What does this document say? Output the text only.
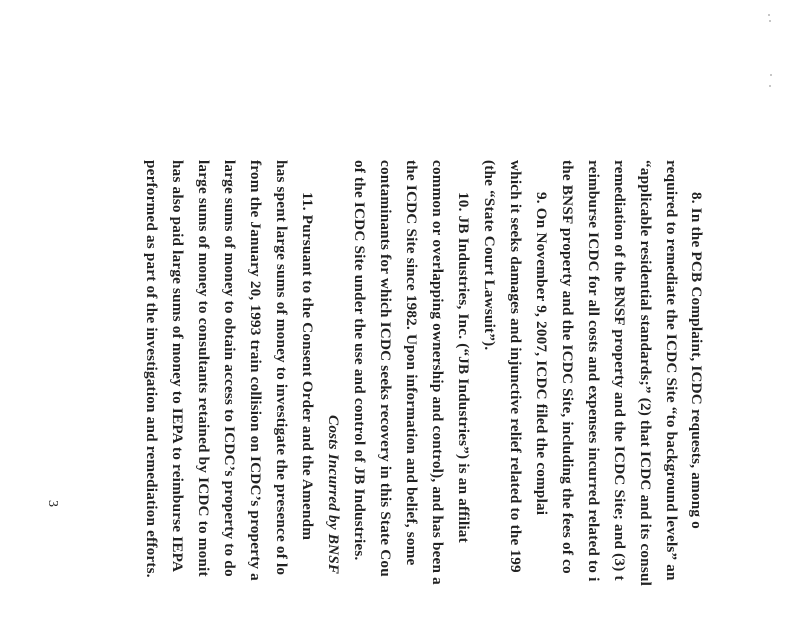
3	8. In the PCB Complaint, ICDC requests, among o
required to remediate the ICDC Site “to background levels” an
“applicable residential standards;” (2) that ICDC and its consul
remediation of the BNSF property and the ICDC Site; and (3) t
reimburse ICDC for all costs and expenses incurred related to i
the BNSF property and the ICDC Site, including the fees of co
9. On November 9, 2007, ICDC filed the complai
which it seeks damages and injunctive relief related to the 199
(the “State Court Lawsuit”).
10. JB Industries, Inc. (“JB Industries”) is an affiliat
common or overlapping ownership and control), and has been a
the ICDC Site since 1982. Upon information and belief, some
contaminants for which ICDC seeks recovery in this State Cou
of the ICDC Site under the use and control of JB Industries.
Costs Incurred by BNSF
11. Pursuant to the Consent Order and the Amendm
has spent large sums of money to investigate the presence of lo
from the January 20, 1993 train collision on ICDC’s property a
large sums of money to obtain access to ICDC’s property to do
large sums of money to consultants retained by ICDC to monit
has also paid large sums of money to IEPA to reimburse IEPA
performed as part of the investigation and remediation efforts.
